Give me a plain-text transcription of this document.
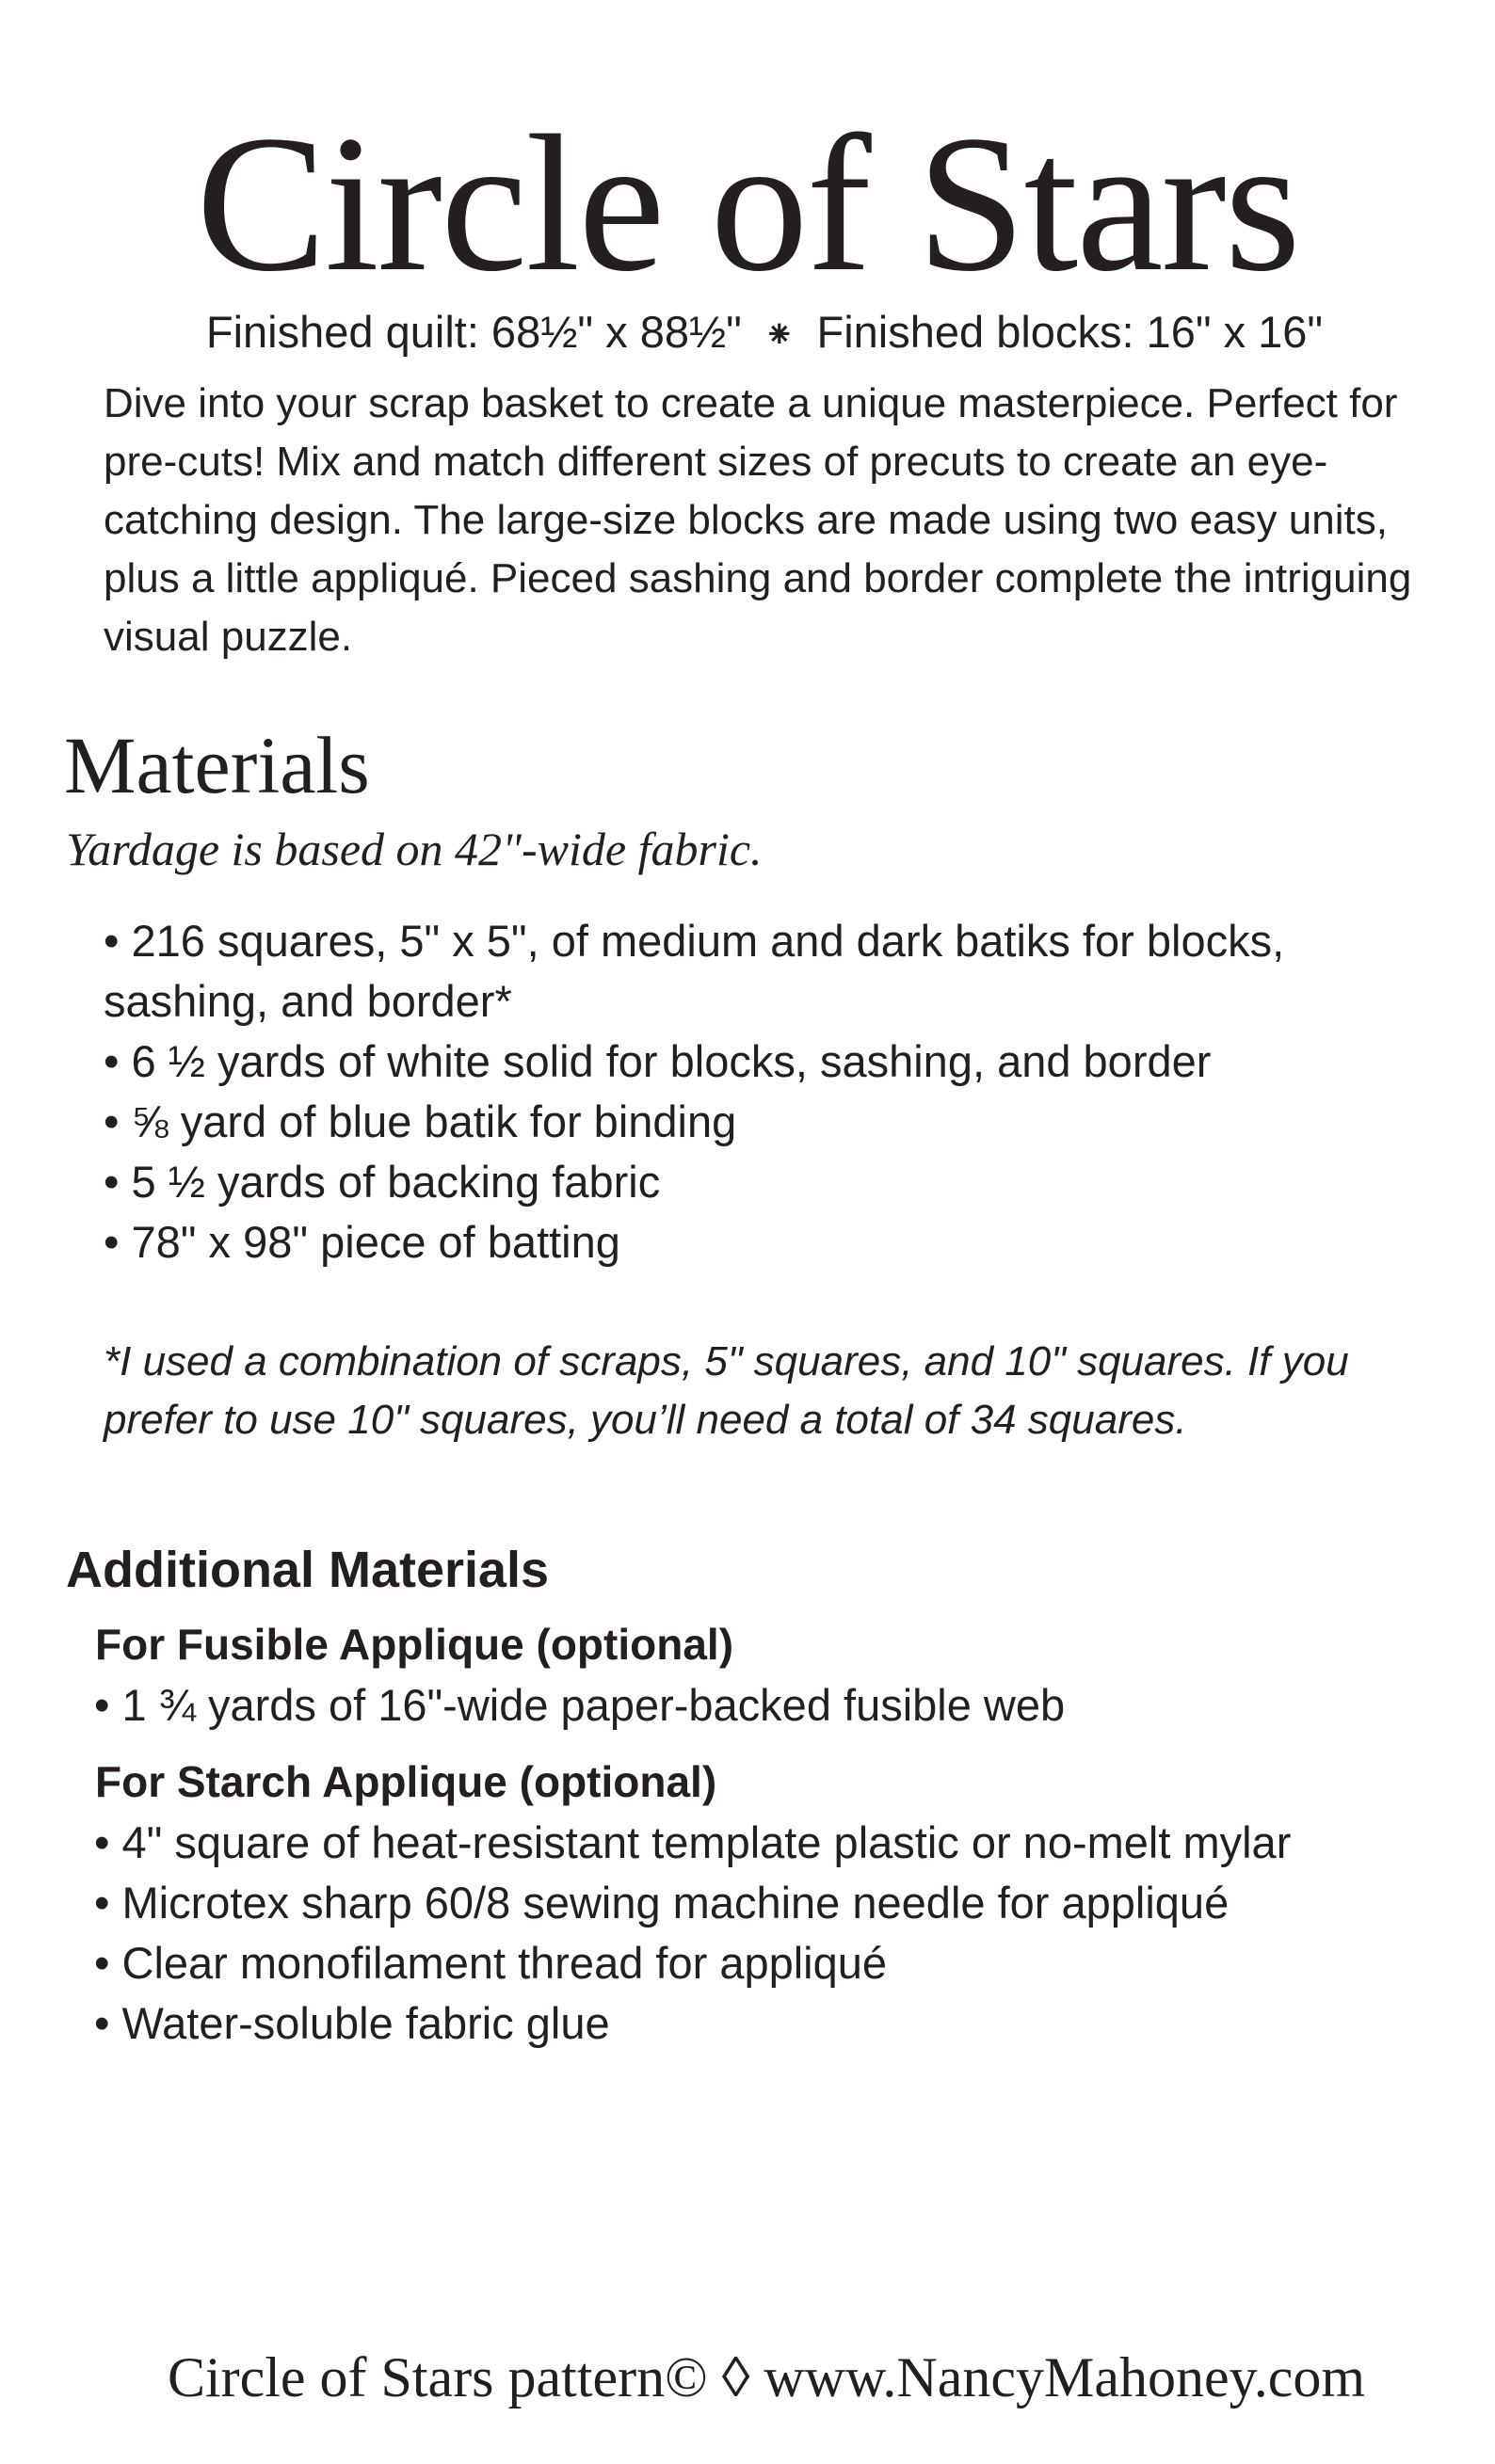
Circle of Stars
Finished quilt: 68½" x 88½" ⁕ Finished blocks: 16" x 16"

Dive into your scrap basket to create a unique masterpiece. Perfect for pre-cuts! Mix and match different sizes of precuts to create an eye-catching design. The large-size blocks are made using two easy units, plus a little appliqué. Pieced sashing and border complete the intriguing visual puzzle.

Materials
Yardage is based on 42"-wide fabric.
• 216 squares, 5" x 5", of medium and dark batiks for blocks, sashing, and border*
• 6 ½ yards of white solid for blocks, sashing, and border
• ⅝ yard of blue batik for binding
• 5 ½ yards of backing fabric
• 78" x 98" piece of batting

*I used a combination of scraps, 5" squares, and 10" squares. If you prefer to use 10" squares, you’ll need a total of 34 squares.

Additional Materials
For Fusible Applique (optional)
• 1 ¾ yards of 16"-wide paper-backed fusible web
For Starch Applique (optional)
• 4" square of heat-resistant template plastic or no-melt mylar
• Microtex sharp 60/8 sewing machine needle for appliqué
• Clear monofilament thread for appliqué
• Water-soluble fabric glue
Circle of Stars pattern© ◊ www.NancyMahoney.com
